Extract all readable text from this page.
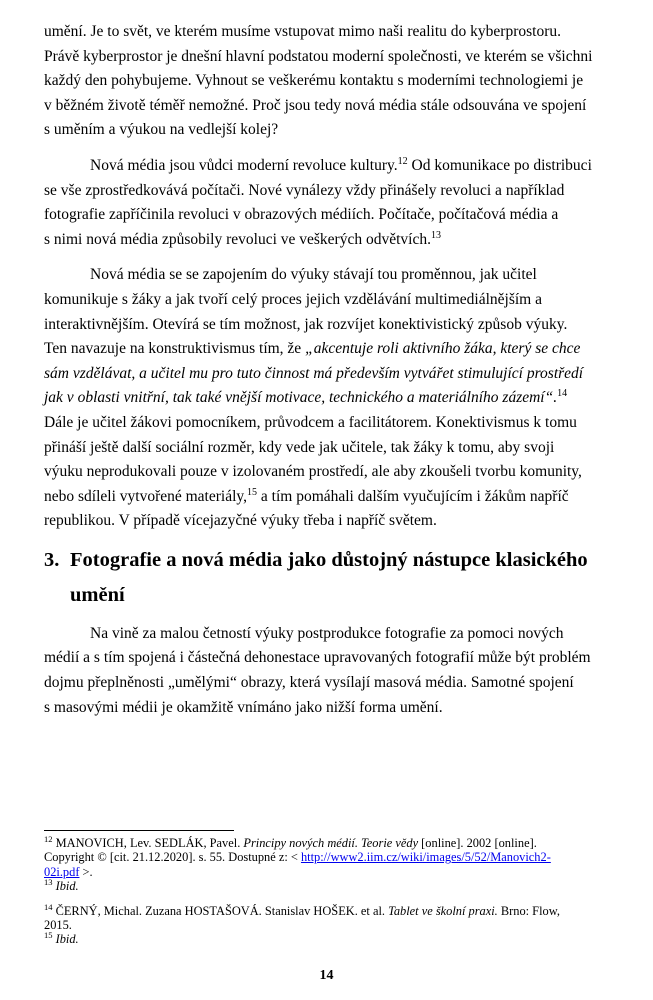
umění. Je to svět, ve kterém musíme vstupovat mimo naši realitu do kyberprostoru.
Právě kyberprostor je dnešní hlavní podstatou moderní společnosti, ve kterém se všichni
každý den pohybujeme. Vyhnout se veškerému kontaktu s moderními technologiemi je
v běžném životě téměř nemožné. Proč jsou tedy nová média stále odsouvána ve spojení
s uměním a výukou na vedlejší kolej?

Nová média jsou vůdci moderní revoluce kultury.$^{12}$ Od komunikace po distribuci
se vše zprostředkovává počítači. Nové vynálezy vždy přinášely revoluci a například
fotografie zapříčinila revoluci v obrazových médiích. Počítače, počítačová média a
s nimi nová média způsobily revoluci ve veškerých odvětvích.$^{13}$

Nová média se se zapojením do výuky stávají tou proměnnou, jak učitel
komunikuje s žáky a jak tvoří celý proces jejich vzdělávání multimediálnějším a
interaktivnějším. Otevírá se tím možnost, jak rozvíjet konektivistický způsob výuky.
Ten navazuje na konstruktivismus tím, že „akcentuje roli aktivního žáka, který se chce
sám vzdělávat, a učitel mu pro tuto činnost má především vytvářet stimulující prostředí
jak v oblasti vnitřní, tak také vnější motivace, technického a materiálního zázemí“.$^{14}$
Dále je učitel žákovi pomocníkem, průvodcem a facilitátorem. Konektivismus k tomu
přináší ještě další sociální rozměr, kdy vede jak učitele, tak žáky k tomu, aby svoji
výuku neprodukovali pouze v izolovaném prostředí, ale aby zkoušeli tvorbu komunity,
nebo sdíleli vytvořené materiály,$^{15}$ a tím pomáhali dalším vyučujícím i žákům napříč
republikou. V případě vícejazyčné výuky třeba i napříč světem.

3. Fotografie a nová média jako důstojný nástupce klasického
umění

Na vině za malou četností výuky postprodukce fotografie za pomoci nových
médií a s tím spojená i částečná dehonestace upravovaných fotografií může být problém
dojmu přeplněnosti „umělými“ obrazy, která vysílají masová média. Samotné spojení
s masovými médii je okamžitě vnímáno jako nižší forma umění.

$^{12}$ MANOVICH, Lev. SEDLÁK, Pavel. Principy nových médií. Teorie vědy [online]. 2002 [online].
Copyright © [cit. 21.12.2020]. s. 55. Dostupné z: < http://www2.iim.cz/wiki/images/5/52/Manovich2-
02i.pdf >.

$^{13}$ Ibid.

$^{14}$ ČERNÝ, Michal. Zuzana HOSTAŠOVÁ. Stanislav HOŠEK. et al. Tablet ve školní praxi. Brno: Flow,
2015.

$^{15}$ Ibid.

14
